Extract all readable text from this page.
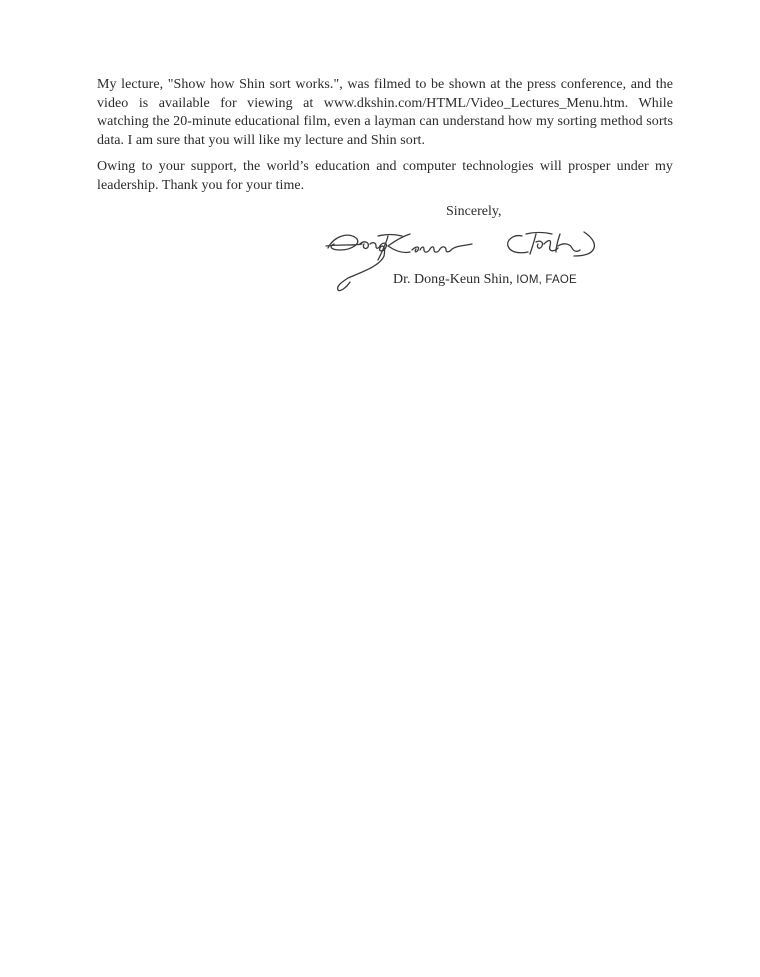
My lecture, "Show how Shin sort works.", was filmed to be shown at the press conference, and the video is available for viewing at www.dkshin.com/HTML/Video_Lectures_Menu.htm. While watching the 20-minute educational film, even a layman can understand how my sorting method sorts data. I am sure that you will like my lecture and Shin sort.

Owing to your support, the world’s education and computer technologies will prosper under my leadership. Thank you for your time.

Sincerely,

Dr. Dong-Keun Shin, IOM, FAOE
